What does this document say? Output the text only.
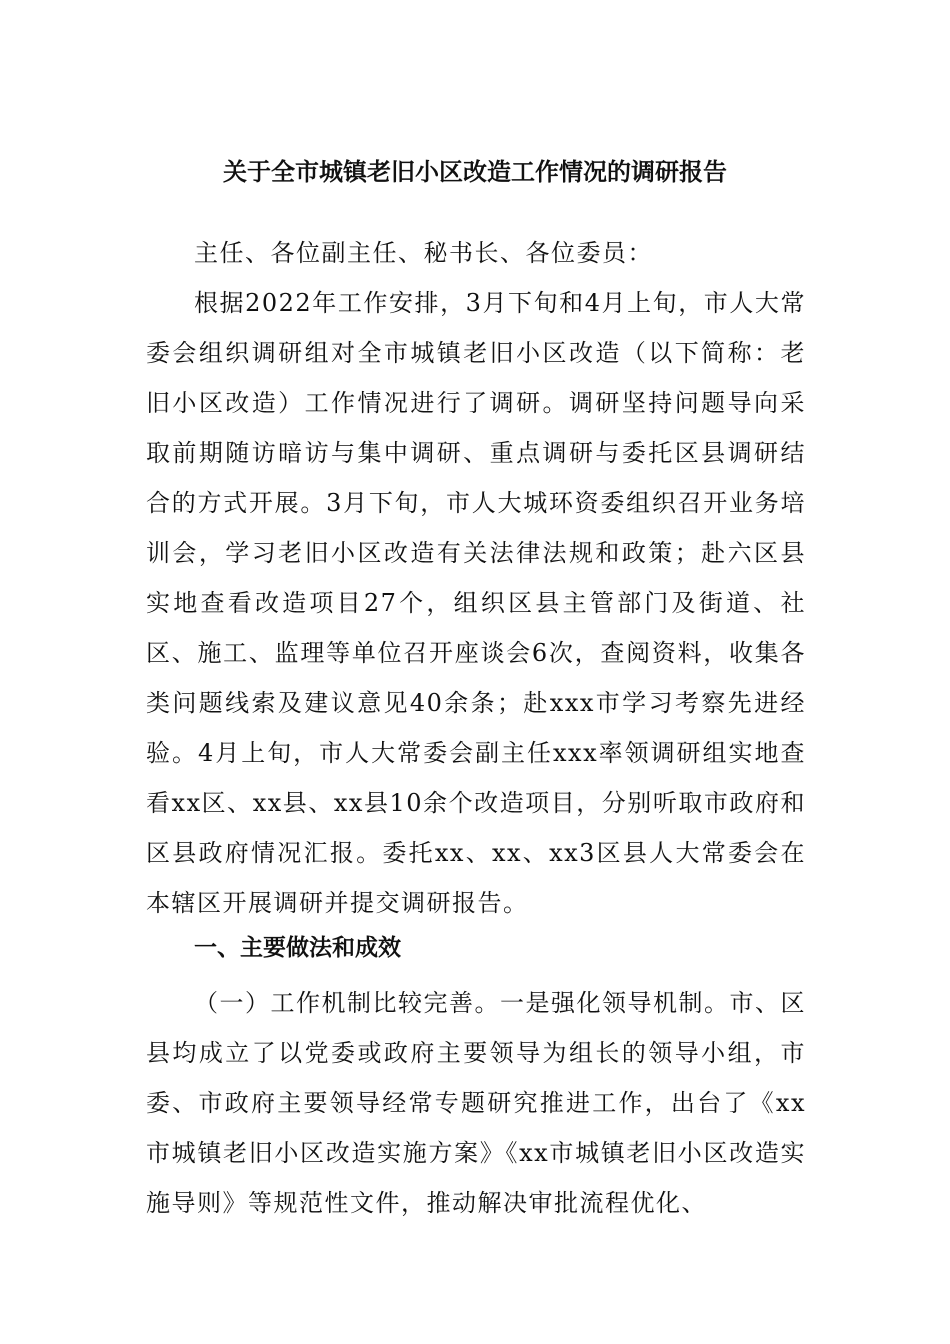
关于全市城镇老旧小区改造工作情况的调研报告

主任、各位副主任、秘书长、各位委员：

根据2022年工作安排，3月下旬和4月上旬，市人大常委会组织调研组对全市城镇老旧小区改造（以下简称：老旧小区改造）工作情况进行了调研。调研坚持问题导向采取前期随访暗访与集中调研、重点调研与委托区县调研结合的方式开展。3月下旬，市人大城环资委组织召开业务培训会，学习老旧小区改造有关法律法规和政策；赴六区县实地查看改造项目27个，组织区县主管部门及街道、社区、施工、监理等单位召开座谈会6次，查阅资料，收集各类问题线索及建议意见40余条；赴xxx市学习考察先进经验。4月上旬，市人大常委会副主任xxx率领调研组实地查看xx区、xx县、xx县10余个改造项目，分别听取市政府和区县政府情况汇报。委托xx、xx、xx3区县人大常委会在本辖区开展调研并提交调研报告。

一、主要做法和成效

（一）工作机制比较完善。一是强化领导机制。市、区县均成立了以党委或政府主要领导为组长的领导小组，市委、市政府主要领导经常专题研究推进工作，出台了《xx市城镇老旧小区改造实施方案》《xx市城镇老旧小区改造实施导则》等规范性文件，推动解决审批流程优化、
